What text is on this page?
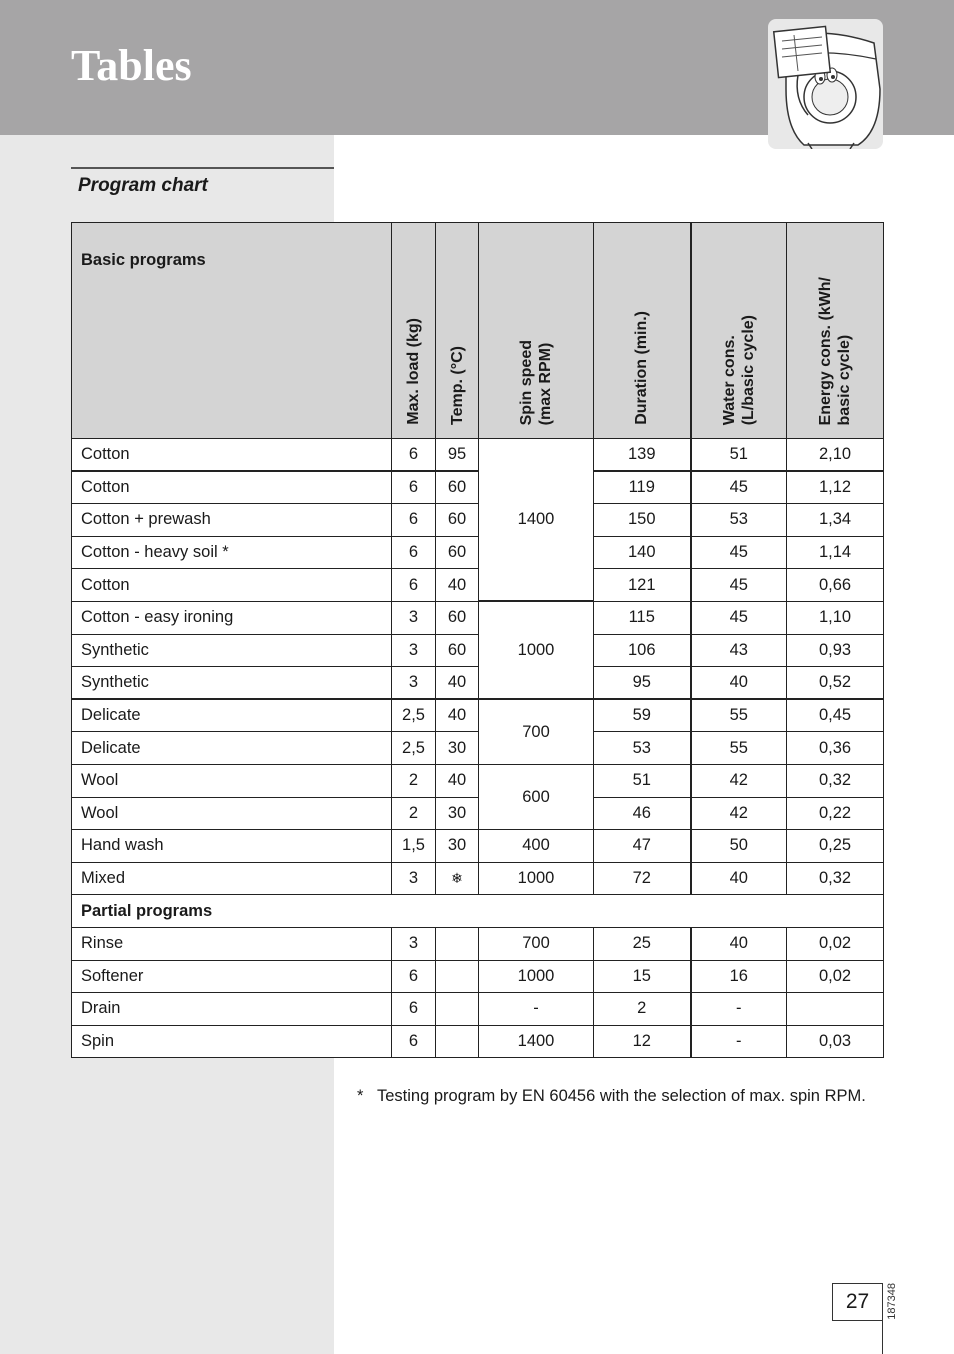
Tables
Program chart
Basic programs	Max. load (kg)	Temp. (°C)	Spin speed
(max RPM)	Duration (min.)	Water cons.
(L/basic cycle)	Energy cons. (kWh/
basic cycle)
Cotton	6	95	1400	139	51	2,10
Cotton	6	60		119	45	1,12
Cotton + prewash	6	60		150	53	1,34
Cotton - heavy soil *	6	60		140	45	1,14
Cotton	6	40		121	45	0,66
Cotton - easy ironing	3	60	1000	115	45	1,10
Synthetic	3	60		106	43	0,93
Synthetic	3	40		95	40	0,52
Delicate	2,5	40	700	59	55	0,45
Delicate	2,5	30		53	55	0,36
Wool	2	40	600	51	42	0,32
Wool	2	30		46	42	0,22
Hand wash	1,5	30	400	47	50	0,25
Mixed	3	❄	1000	72	40	0,32
Partial programs						
Rinse	3		700	25	40	0,02
Softener	6		1000	15	16	0,02
Drain	6		-	2	-	
Spin	6		1400	12	-	0,03
* Testing program by EN 60456 with the selection of max. spin RPM.
187348
27
